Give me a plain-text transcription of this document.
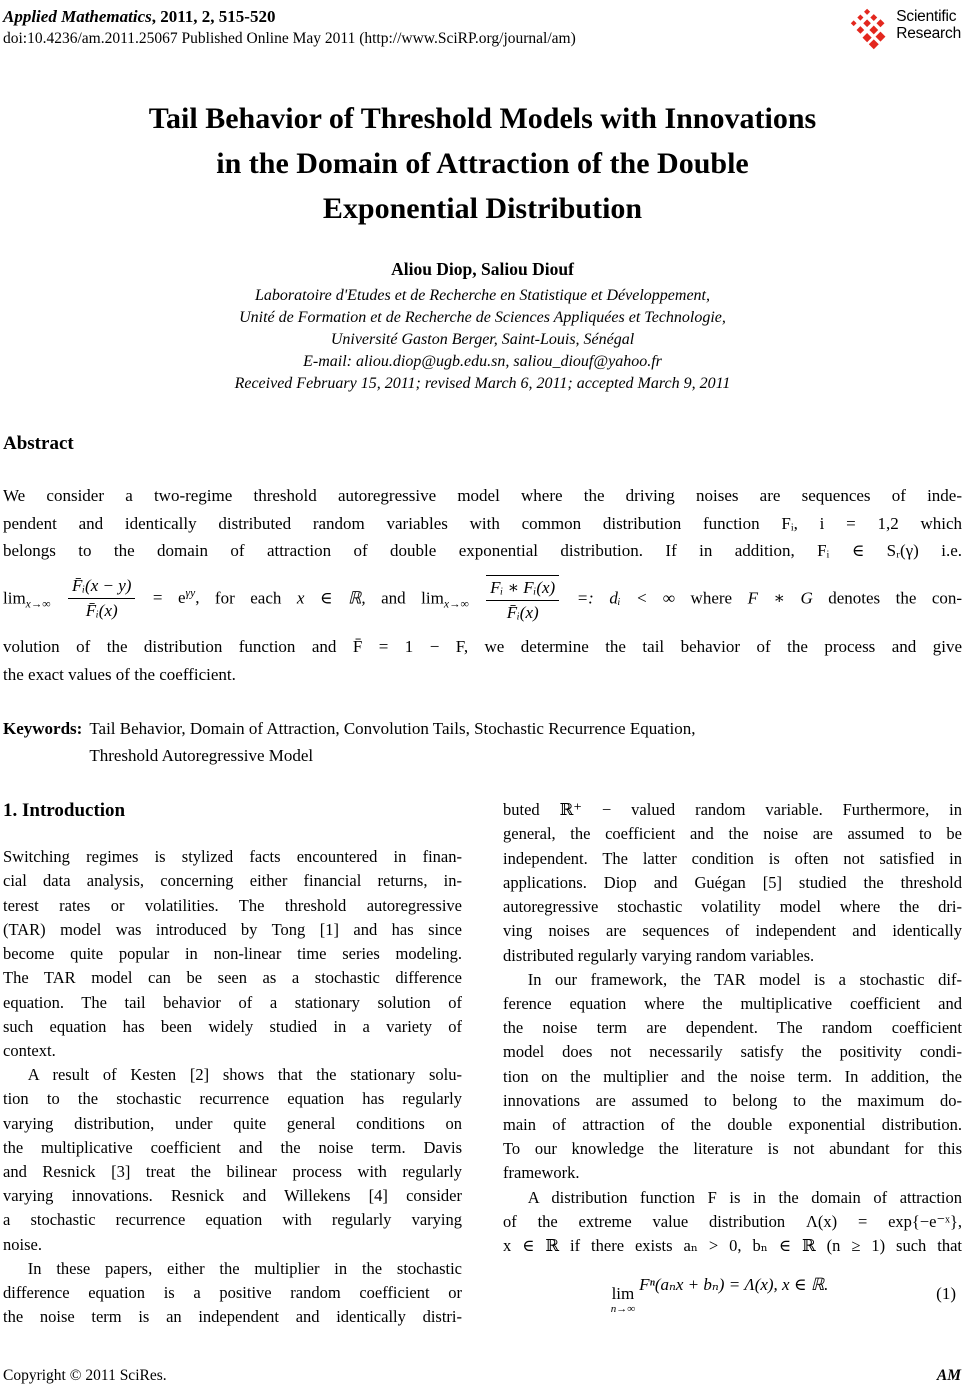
Applied Mathematics, 2011, 2, 515-520
doi:10.4236/am.2011.25067 Published Online May 2011 (http://www.SciRP.org/journal/am)
Scientific
Research
Tail Behavior of Threshold Models with Innovations
in the Domain of Attraction of the Double
Exponential Distribution
Aliou Diop, Saliou Diouf
Laboratoire d'Etudes et de Recherche en Statistique et Développement,
Unité de Formation et de Recherche de Sciences Appliquées et Technologie,
Université Gaston Berger, Saint-Louis, Sénégal
E-mail: aliou.diop@ugb.edu.sn, saliou_diouf@yahoo.fr
Received February 15, 2011; revised March 6, 2011; accepted March 9, 2011
Abstract
We consider a two-regime threshold autoregressive model where the driving noises are sequences of inde-
pendent and identically distributed random variables with common distribution function Fᵢ, i = 1,2 which
belongs to the domain of attraction of double exponential distribution. If in addition, Fᵢ ∈ Sᵣ(γ) i.e.
$\lim_{x\to\infty} \frac{\text{F̄ᵢ(x − y)}}{\text{F̄ᵢ(x)}} = e^{\gamma y}$, for each x ∈ ℝ, and $\lim_{x\to\infty} \frac{\text{Fᵢ ∗ Fᵢ(x)}}{\text{F̄ᵢ(x)}}$ =: dᵢ < ∞ where F ∗ G denotes the con-
volution of the distribution function and F̄ = 1 − F, we determine the tail behavior of the process and give
the exact values of the coefficient.
Keywords: Tail Behavior, Domain of Attraction, Convolution Tails, Stochastic Recurrence Equation,
Threshold Autoregressive Model
1. Introduction
Switching regimes is stylized facts encountered in finan-
cial data analysis, concerning either financial returns, in-
terest rates or volatilities. The threshold autoregressive
(TAR) model was introduced by Tong [1] and has since
become quite popular in non-linear time series modeling.
The TAR model can be seen as a stochastic difference
equation. The tail behavior of a stationary solution of
such equation has been widely studied in a variety of
context.
A result of Kesten [2] shows that the stationary solu-
tion to the stochastic recurrence equation has regularly
varying distribution, under quite general conditions on
the multiplicative coefficient and the noise term. Davis
and Resnick [3] treat the bilinear process with regularly
varying innovations. Resnick and Willekens [4] consider
a stochastic recurrence equation with regularly varying
noise.
In these papers, either the multiplier in the stochastic
difference equation is a positive random coefficient or
the noise term is an independent and identically distri-
buted ℝ⁺ − valued random variable. Furthermore, in
general, the coefficient and the noise are assumed to be
independent. The latter condition is often not satisfied in
applications. Diop and Guégan [5] studied the threshold
autoregressive stochastic volatility model where the dri-
ving noises are sequences of independent and identically
distributed regularly varying random variables.
In our framework, the TAR model is a stochastic dif-
ference equation where the multiplicative coefficient and
the noise term are dependent. The random coefficient
model does not necessarily satisfy the positivity condi-
tion on the multiplier and the noise term. In addition, the
innovations are assumed to belong to the maximum do-
main of attraction of the double exponential distribution.
To our knowledge the literature is not abundant for this
framework.
A distribution function F is in the domain of attraction
of the extreme value distribution Λ(x) = exp{−e⁻ˣ},
x ∈ ℝ if there exists aₙ > 0, bₙ ∈ ℝ (n ≥ 1) such that
lim
n→∞
Fⁿ(aₙx + bₙ) = Λ(x), x ∈ ℝ.	(1)
Copyright © 2011 SciRes.	AM
